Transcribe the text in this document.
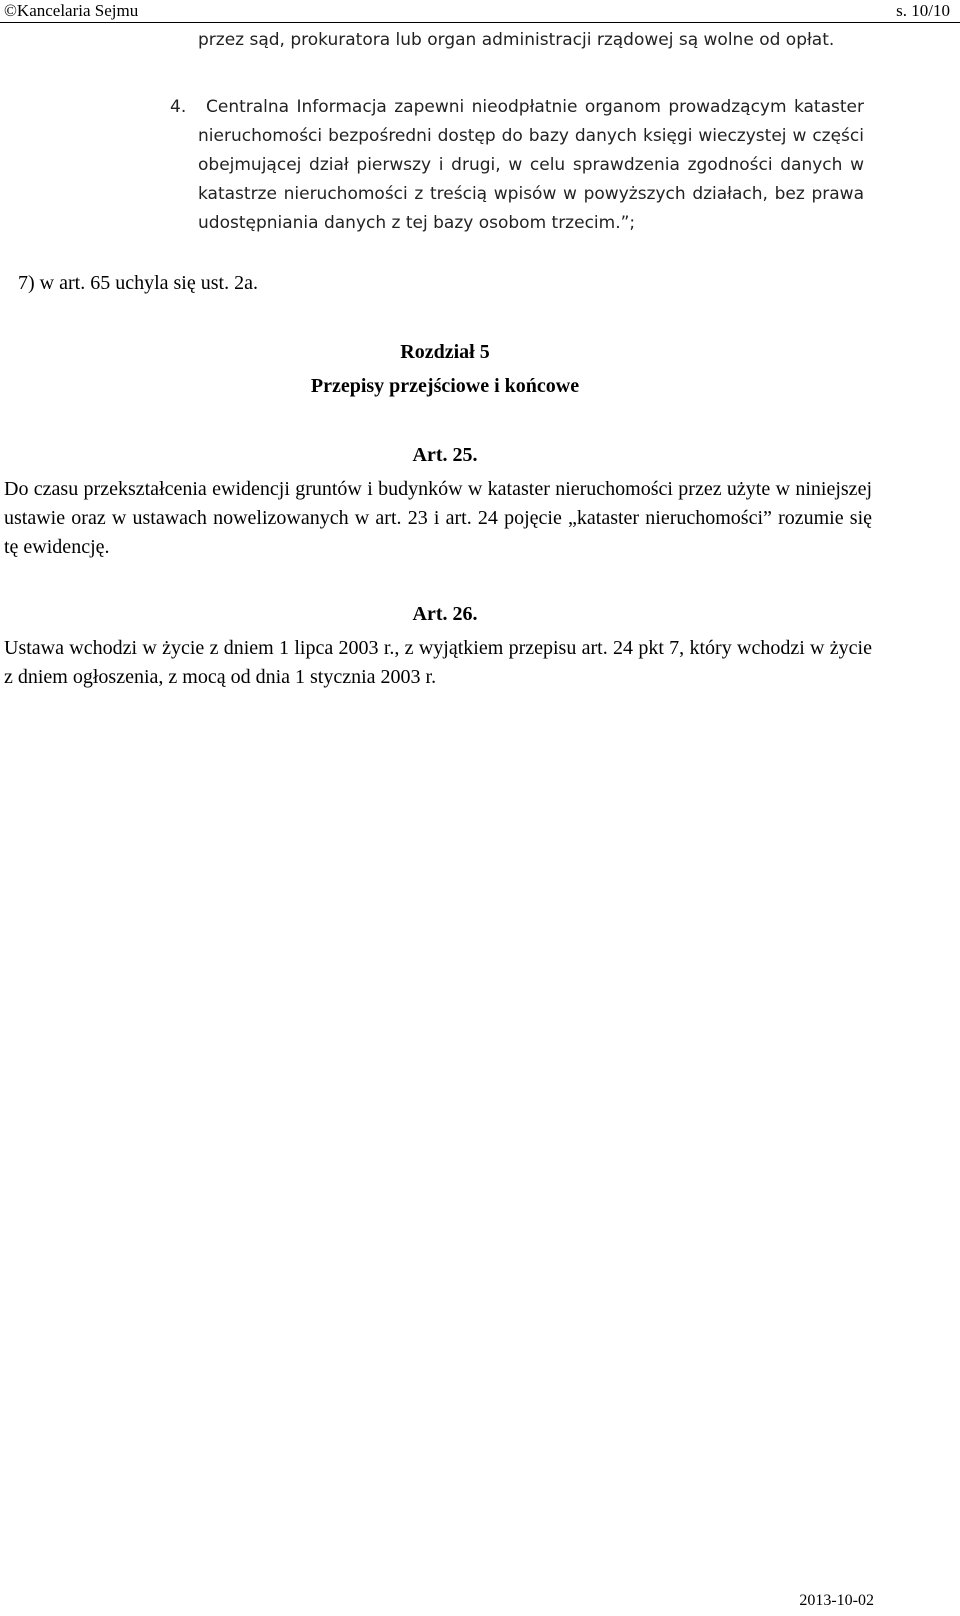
©Kancelaria Sejmu	s. 10/10
przez sąd, prokuratora lub organ administracji rządowej są wolne od opłat.
4.	Centralna Informacja zapewni nieodpłatnie organom prowadzącym kataster nieruchomości bezpośredni dostęp do bazy danych księgi wieczystej w części obejmującej dział pierwszy i drugi, w celu sprawdzenia zgodności danych w katastrze nieruchomości z treścią wpisów w powyższych działach, bez prawa udostępniania danych z tej bazy osobom trzecim.”;
7) w art. 65 uchyla się ust. 2a.
Rozdział 5
Przepisy przejściowe i końcowe
Art. 25.
Do czasu przekształcenia ewidencji gruntów i budynków w kataster nieruchomości przez użyte w niniejszej ustawie oraz w ustawach nowelizowanych w art. 23 i art. 24 pojęcie „kataster nieruchomości” rozumie się tę ewidencję.
Art. 26.
Ustawa wchodzi w życie z dniem 1 lipca 2003 r., z wyjątkiem przepisu art. 24 pkt 7, który wchodzi w życie z dniem ogłoszenia, z mocą od dnia 1 stycznia 2003 r.
2013-10-02
